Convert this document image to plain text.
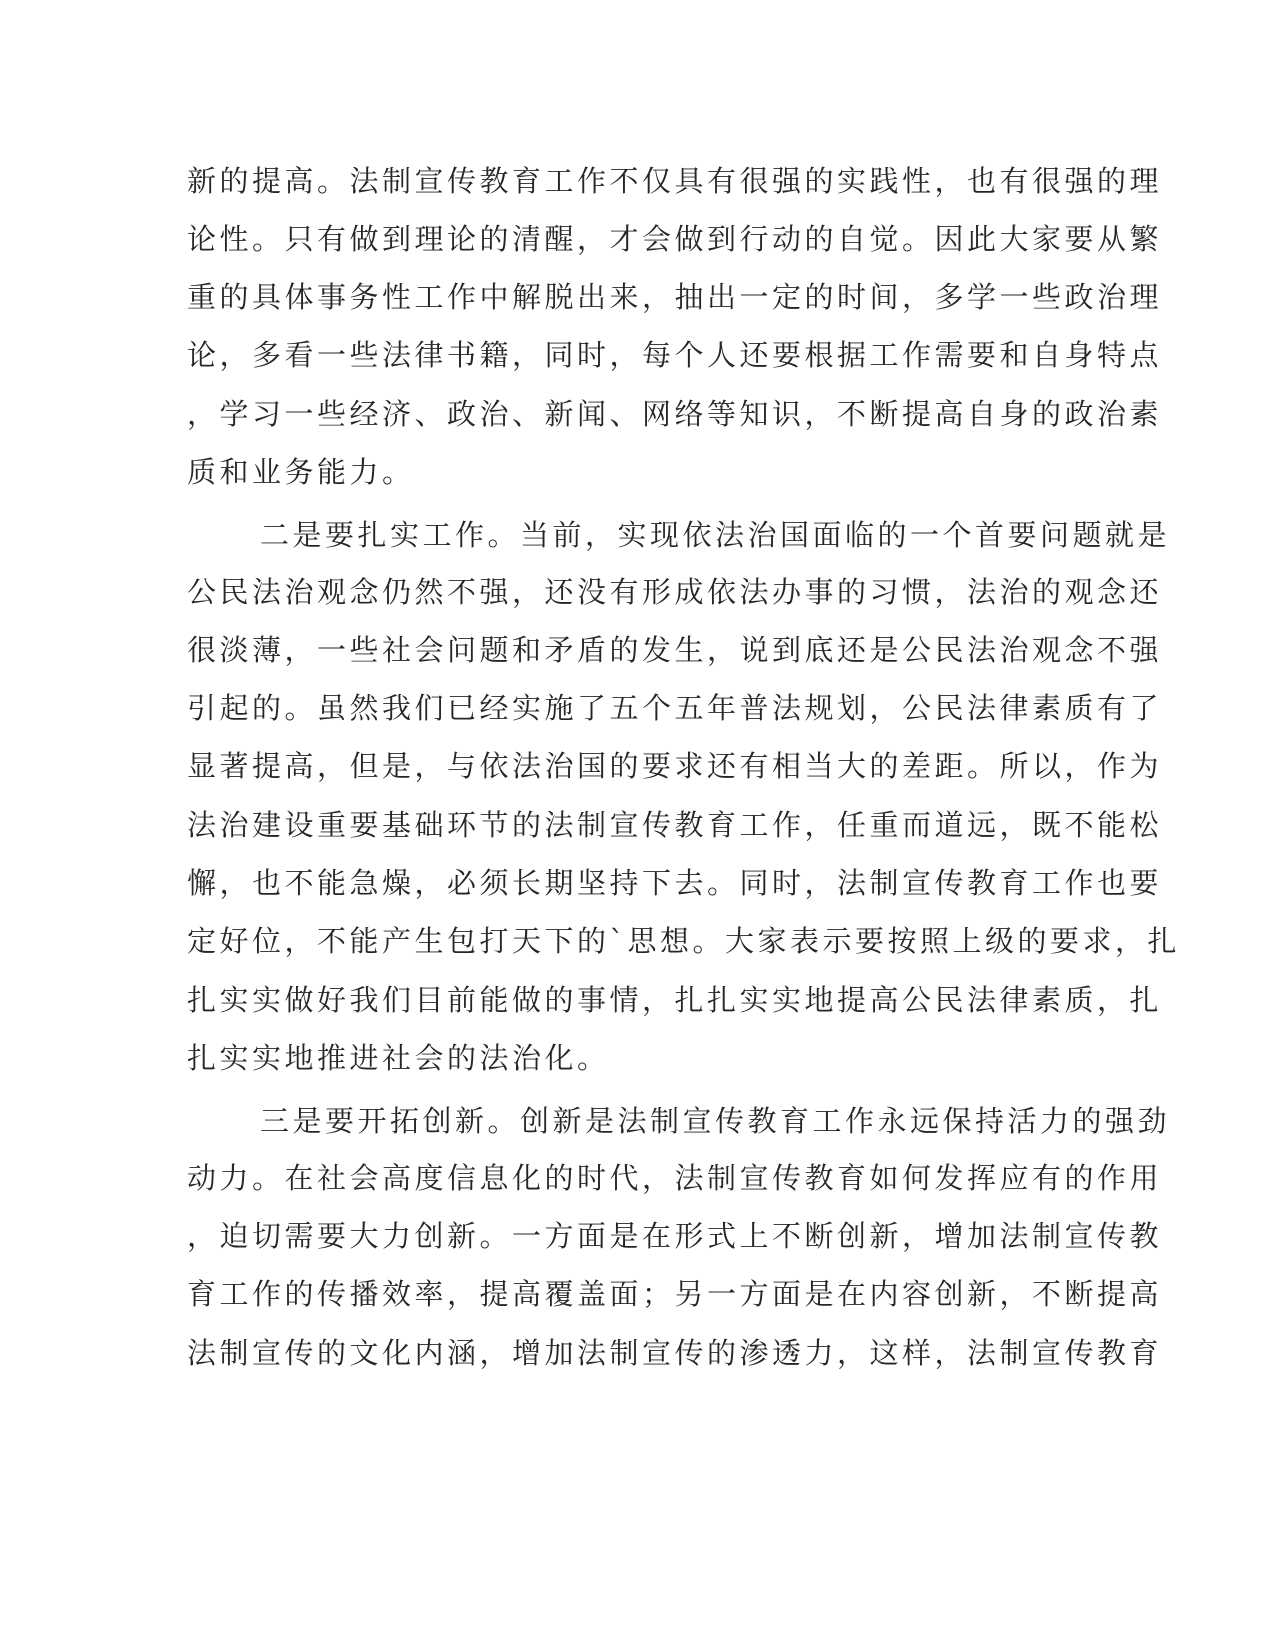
新的提高。法制宣传教育工作不仅具有很强的实践性，也有很强的理
论性。只有做到理论的清醒，才会做到行动的自觉。因此大家要从繁
重的具体事务性工作中解脱出来，抽出一定的时间，多学一些政治理
论，多看一些法律书籍，同时，每个人还要根据工作需要和自身特点
，学习一些经济、政治、新闻、网络等知识，不断提高自身的政治素
质和业务能力。
二是要扎实工作。当前，实现依法治国面临的一个首要问题就是
公民法治观念仍然不强，还没有形成依法办事的习惯，法治的观念还
很淡薄，一些社会问题和矛盾的发生，说到底还是公民法治观念不强
引起的。虽然我们已经实施了五个五年普法规划，公民法律素质有了
显著提高，但是，与依法治国的要求还有相当大的差距。所以，作为
法治建设重要基础环节的法制宣传教育工作，任重而道远，既不能松
懈，也不能急燥，必须长期坚持下去。同时，法制宣传教育工作也要
定好位，不能产生包打天下的`思想。大家表示要按照上级的要求，扎
扎实实做好我们目前能做的事情，扎扎实实地提高公民法律素质，扎
扎实实地推进社会的法治化。
三是要开拓创新。创新是法制宣传教育工作永远保持活力的强劲
动力。在社会高度信息化的时代，法制宣传教育如何发挥应有的作用
，迫切需要大力创新。一方面是在形式上不断创新，增加法制宣传教
育工作的传播效率，提高覆盖面；另一方面是在内容创新，不断提高
法制宣传的文化内涵，增加法制宣传的渗透力，这样，法制宣传教育
